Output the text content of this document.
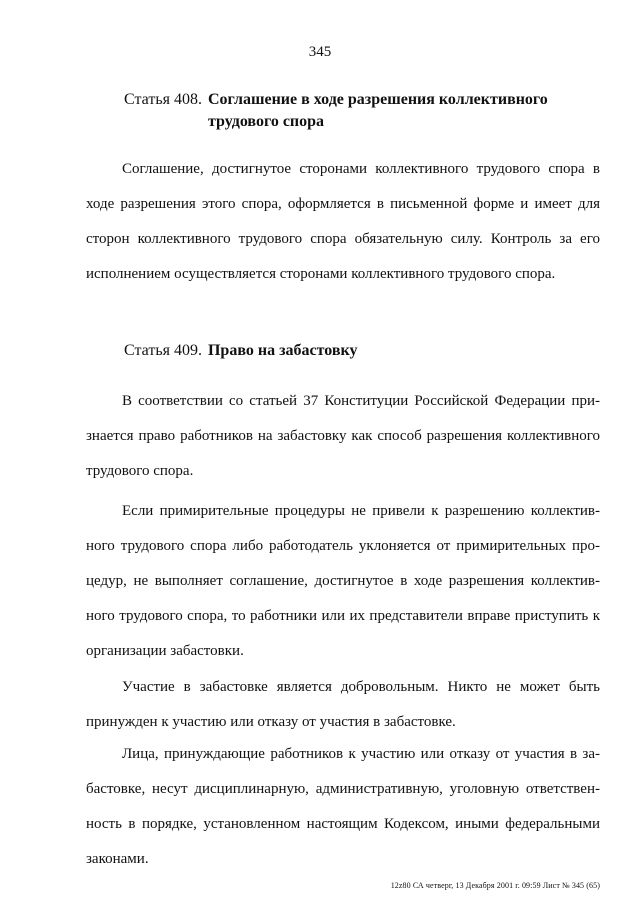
345
Статья 408. Соглашение в ходе разрешения коллективного трудового спора
Соглашение, достигнутое сторонами коллективного трудового спора в ходе разрешения этого спора, оформляется в письменной форме и имеет для сторон коллективного трудового спора обязательную силу. Контроль за его исполнением осуществляется сторонами коллективного трудового спора.
Статья 409. Право на забастовку
В соответствии со статьей 37 Конституции Российской Федерации признается право работников на забастовку как способ разрешения коллективного трудового спора.
Если примирительные процедуры не привели к разрешению коллективного трудового спора либо работодатель уклоняется от примирительных процедур, не выполняет соглашение, достигнутое в ходе разрешения коллективного трудового спора, то работники или их представители вправе приступить к организации забастовки.
Участие в забастовке является добровольным. Никто не может быть принужден к участию или отказу от участия в забастовке.
Лица, принуждающие работников к участию или отказу от участия в забастовке, несут дисциплинарную, административную, уголовную ответственность в порядке, установленном настоящим Кодексом, иными федеральными законами.
12z80 СА четверг, 13 Декабря 2001 г. 09:59 Лист № 345 (65)
